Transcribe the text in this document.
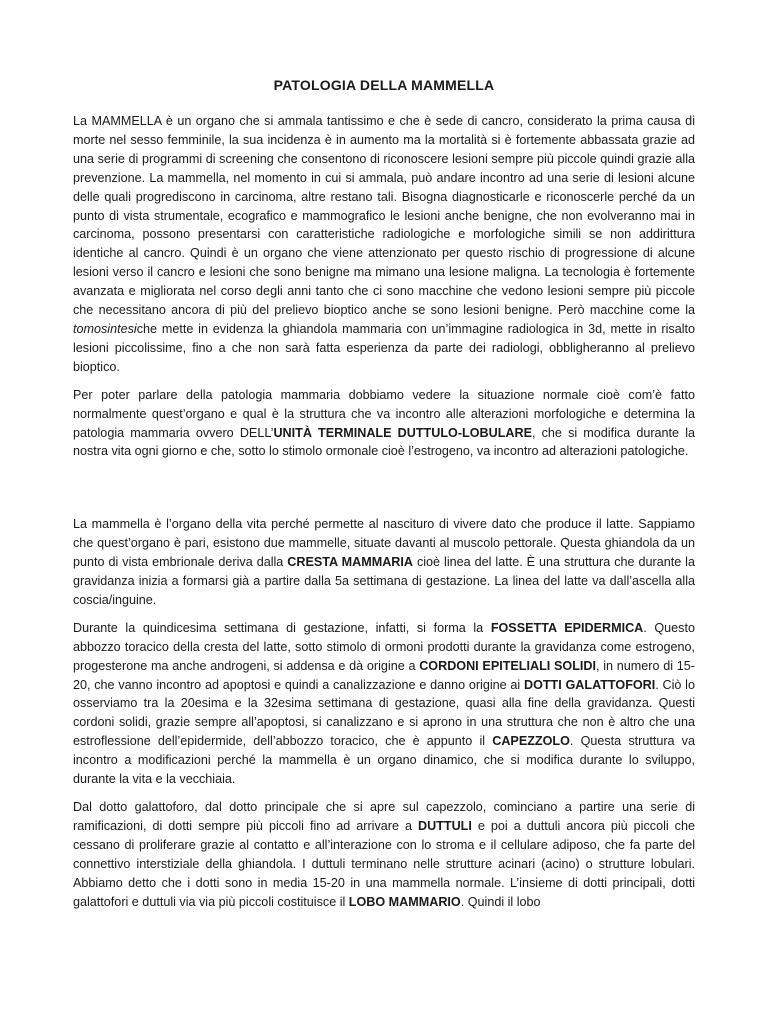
PATOLOGIA DELLA MAMMELLA

La MAMMELLA è un organo che si ammala tantissimo e che è sede di cancro, considerato la prima causa di morte nel sesso femminile, la sua incidenza è in aumento ma la mortalità si è fortemente abbassata grazie ad una serie di programmi di screening che consentono di riconoscere lesioni sempre più piccole quindi grazie alla prevenzione. La mammella, nel momento in cui si ammala, può andare incontro ad una serie di lesioni alcune delle quali progrediscono in carcinoma, altre restano tali. Bisogna diagnosticarle e riconoscerle perché da un punto di vista strumentale, ecografico e mammografico le lesioni anche benigne, che non evolveranno mai in carcinoma, possono presentarsi con caratteristiche radiologiche e morfologiche simili se non addirittura identiche al cancro. Quindi è un organo che viene attenzionato per questo rischio di progressione di alcune lesioni verso il cancro e lesioni che sono benigne ma mimano una lesione maligna. La tecnologia è fortemente avanzata e migliorata nel corso degli anni tanto che ci sono macchine che vedono lesioni sempre più piccole che necessitano ancora di più del prelievo bioptico anche se sono lesioni benigne. Però macchine come la tomosintesiche mette in evidenza la ghiandola mammaria con un’immagine radiologica in 3d, mette in risalto lesioni piccolissime, fino a che non sarà fatta esperienza da parte dei radiologi, obbligheranno al prelievo bioptico.

Per poter parlare della patologia mammaria dobbiamo vedere la situazione normale cioè com’è fatto normalmente quest’organo e qual è la struttura che va incontro alle alterazioni morfologiche e determina la patologia mammaria ovvero DELL’UNITÀ TERMINALE DUTTULO-LOBULARE, che si modifica durante la nostra vita ogni giorno e che, sotto lo stimolo ormonale cioè l’estrogeno, va incontro ad alterazioni patologiche.

La mammella è l’organo della vita perché permette al nascituro di vivere dato che produce il latte. Sappiamo che quest’organo è pari, esistono due mammelle, situate davanti al muscolo pettorale. Questa ghiandola da un punto di vista embrionale deriva dalla CRESTA MAMMARIA cioè linea del latte. È una struttura che durante la gravidanza inizia a formarsi già a partire dalla 5a settimana di gestazione. La linea del latte va dall’ascella alla coscia/inguine.

Durante la quindicesima settimana di gestazione, infatti, si forma la FOSSETTA EPIDERMICA. Questo abbozzo toracico della cresta del latte, sotto stimolo di ormoni prodotti durante la gravidanza come estrogeno, progesterone ma anche androgeni, si addensa e dà origine a CORDONI EPITELIALI SOLIDI, in numero di 15-20, che vanno incontro ad apoptosi e quindi a canalizzazione e danno origine ai DOTTI GALATTOFORI. Ciò lo osserviamo tra la 20esima e la 32esima settimana di gestazione, quasi alla fine della gravidanza. Questi cordoni solidi, grazie sempre all’apoptosi, si canalizzano e si aprono in una struttura che non è altro che una estroflessione dell’epidermide, dell’abbozzo toracico, che è appunto il CAPEZZOLO. Questa struttura va incontro a modificazioni perché la mammella è un organo dinamico, che si modifica durante lo sviluppo, durante la vita e la vecchiaia.

Dal dotto galattoforo, dal dotto principale che si apre sul capezzolo, cominciano a partire una serie di ramificazioni, di dotti sempre più piccoli fino ad arrivare a DUTTULI e poi a duttuli ancora più piccoli che cessano di proliferare grazie al contatto e all’interazione con lo stroma e il cellulare adiposo, che fa parte del connettivo interstiziale della ghiandola. I duttuli terminano nelle strutture acinari (acino) o strutture lobulari. Abbiamo detto che i dotti sono in media 15-20 in una mammella normale. L’insieme di dotti principali, dotti galattofori e duttuli via via più piccoli costituisce il LOBO MAMMARIO. Quindi il lobo
